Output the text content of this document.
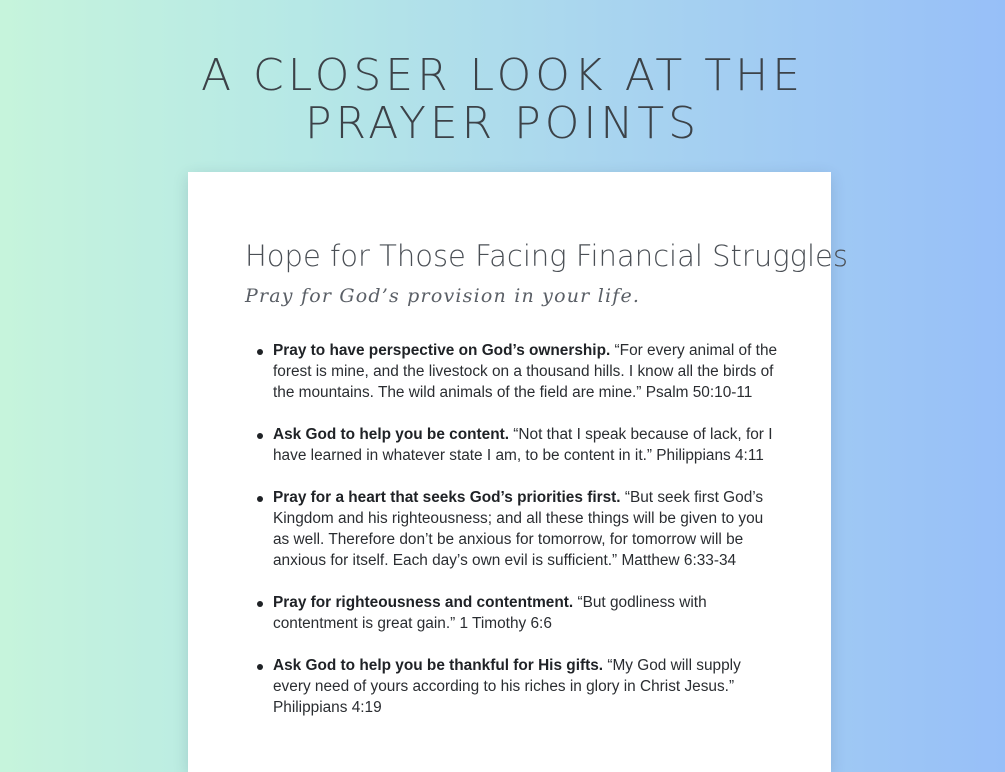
A CLOSER LOOK AT THE
PRAYER POINTS
Hope for Those Facing Financial Struggles

Pray for God’s provision in your life.

Pray to have perspective on God’s ownership. “For every animal of the forest is mine, and the livestock on a thousand hills. I know all the birds of the mountains. The wild animals of the field are mine.” Psalm 50:10-11
Ask God to help you be content. “Not that I speak because of lack, for I have learned in whatever state I am, to be content in it.” Philippians 4:11
Pray for a heart that seeks God’s priorities first. “But seek first God’s Kingdom and his righteousness; and all these things will be given to you as well. Therefore don’t be anxious for tomorrow, for tomorrow will be anxious for itself. Each day’s own evil is sufficient.” Matthew 6:33-34
Pray for righteousness and contentment. “But godliness with contentment is great gain.” 1 Timothy 6:6
Ask God to help you be thankful for His gifts. “My God will supply every need of yours according to his riches in glory in Christ Jesus.” Philippians 4:19
